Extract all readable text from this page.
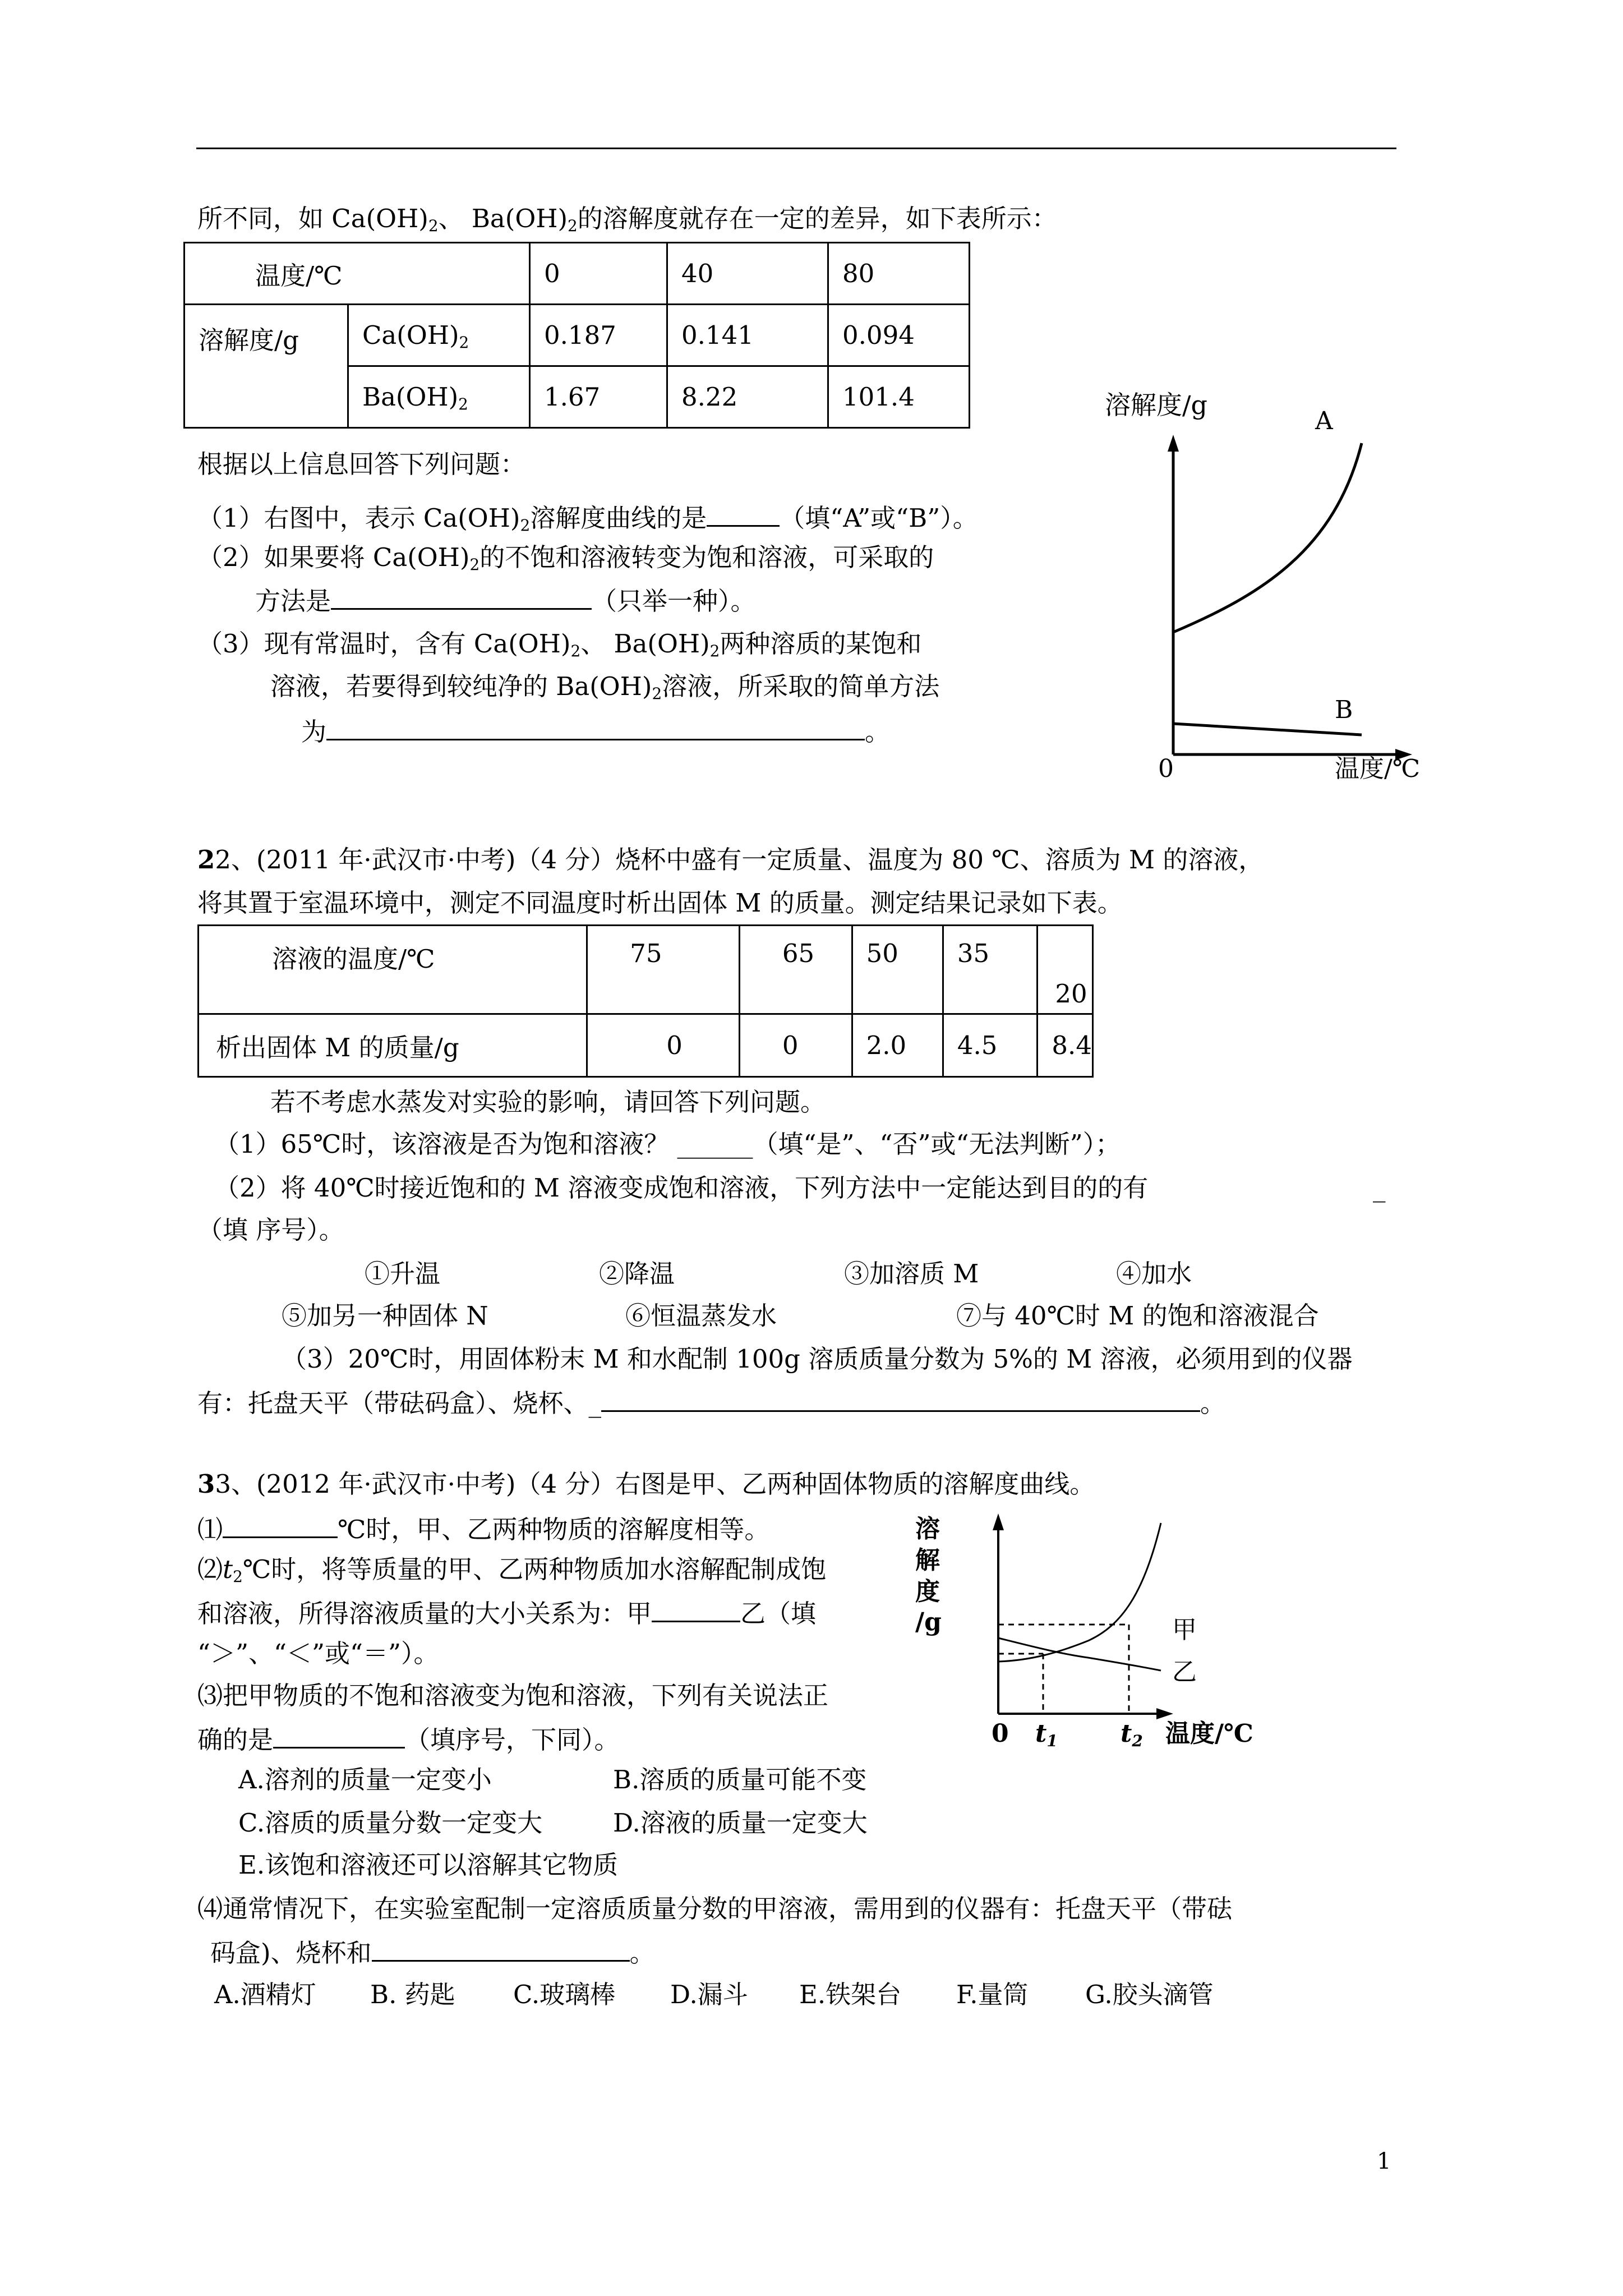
所不同，如 $Ca(OH)_2$、 $Ba(OH)_2$的溶解度就存在一定的差异，如下表所示：
温度/℃		0	40	80
溶解度/g	$Ca(OH)_2$	0.187	0.141	0.094
	$Ba(OH)_2$	1.67	8.22	101.4
根据以上信息回答下列问题：
（1）右图中，表示 $Ca(OH)_2$溶解度曲线的是	（填“A”或“B”）。
（2）如果要将 $Ca(OH)_2$的不饱和溶液转变为饱和溶液，可采取的
方法是	（只举一种）。
（3）现有常温时，含有 $Ca(OH)_2$、 $Ba(OH)_2$两种溶质的某饱和
溶液，若要得到较纯净的 $Ba(OH)_2$溶液，所采取的简单方法
为	。
溶解度/g
A
B
0	温度/℃
22、(2011 年·武汉市·中考)（4 分）烧杯中盛有一定质量、温度为 80 ℃、溶质为 M 的溶液，
将其置于室温环境中，测定不同温度时析出固体 M 的质量。测定结果记录如下表。
溶液的温度/℃	75	65	50	35	20
析出固体 M 的质量/g	0	0	2.0	4.5	8.4
若不考虑水蒸发对实验的影响，请回答下列问题。
（1）65℃时，该溶液是否为饱和溶液？ ______（填“是”、“否”或“无法判断”）；
（2）将 40℃时接近饱和的 M 溶液变成饱和溶液，下列方法中一定能达到目的的有	_
（填 序号）。
①升温	②降温	③加溶质 M	④加水
⑤加另一种固体 N	⑥恒温蒸发水	⑦与 40℃时 M 的饱和溶液混合
（3）20℃时，用固体粉末 M 和水配制 100g 溶质质量分数为 5%的 M 溶液，必须用到的仪器
有：托盘天平（带砝码盒）、烧杯、_	。
33、(2012 年·武汉市·中考)（4 分）右图是甲、乙两种固体物质的溶解度曲线。
⑴	℃时，甲、乙两种物质的溶解度相等。
$⑵t_2℃$时，将等质量的甲、乙两种物质加水溶解配制成饱
和溶液，所得溶液质量的大小关系为：甲	乙（填
“＞”、“＜”或“＝”）。
⑶把甲物质的不饱和溶液变为饱和溶液，下列有关说法正
确的是	（填序号，下同）。
A.溶剂的质量一定变小	B.溶质的质量可能不变
C.溶质的质量分数一定变大	D.溶液的质量一定变大
E.该饱和溶液还可以溶解其它物质
⑷通常情况下，在实验室配制一定溶质质量分数的甲溶液，需用到的仪器有：托盘天平（带砝
码盒)、烧杯和	。
A.酒精灯 B. 药匙 C.玻璃棒 D.漏斗 E.铁架台 F.量筒 G.胶头滴管
溶
解
度
/g	甲
乙
0 t1	t2 温度/℃
1
